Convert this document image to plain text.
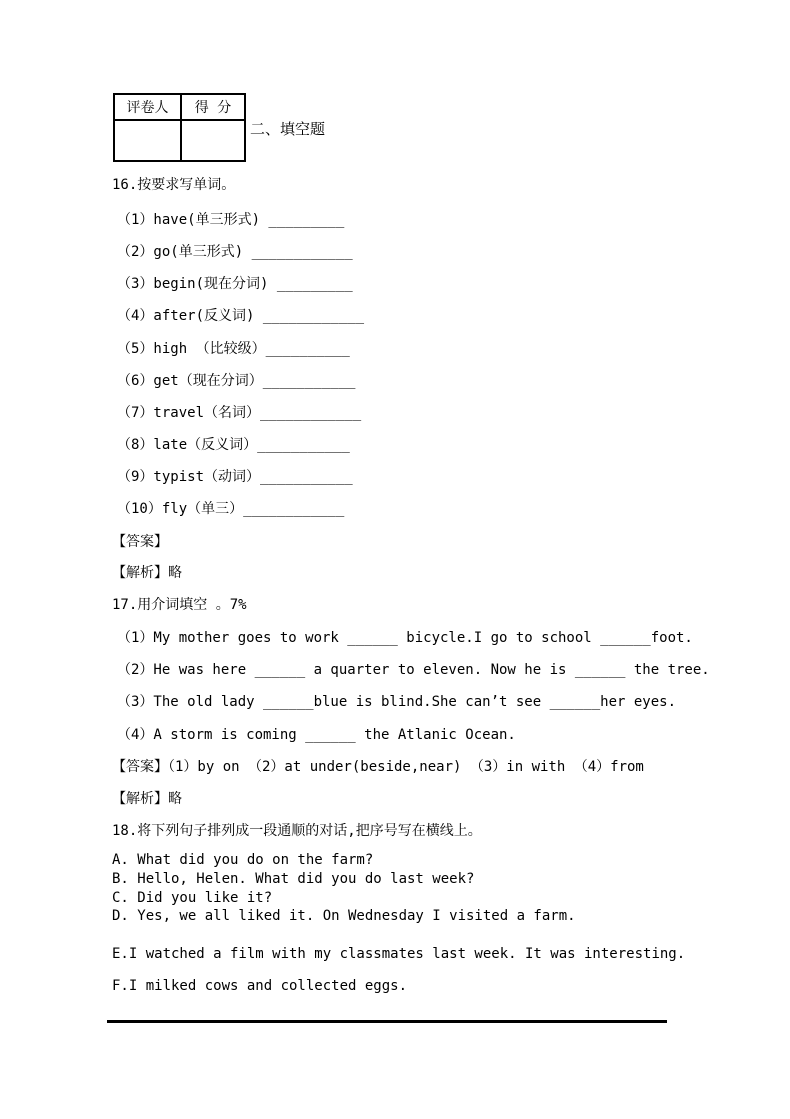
评卷人	得 分

二、填空题
16.按要求写单词。
（1）have(单三形式) _________
（2）go(单三形式) ____________
（3）begin(现在分词) _________
（4）after(反义词) ____________
（5）high （比较级）__________
（6）get（现在分词）___________
（7）travel（名词）____________
（8）late（反义词）___________
（9）typist（动词）___________
（10）fly（单三）____________
【答案】
【解析】略
17.用介词填空 。7%
（1）My mother goes to work ______ bicycle.I go to school ______foot.
（2）He was here ______ a quarter to eleven. Now he is ______ the tree.
（3）The old lady ______blue is blind.She can’t see ______her eyes.
（4）A storm is coming ______ the Atlanic Ocean.
【答案】（1）by on （2）at under(beside,near) （3）in with （4）from
【解析】略
18.将下列句子排列成一段通顺的对话,把序号写在横线上。
A. What did you do on the farm?
B. Hello, Helen. What did you do last week?
C. Did you like it?
D. Yes, we all liked it. On Wednesday I visited a farm.
E.I watched a film with my classmates last week. It was interesting.
F.I milked cows and collected eggs.
